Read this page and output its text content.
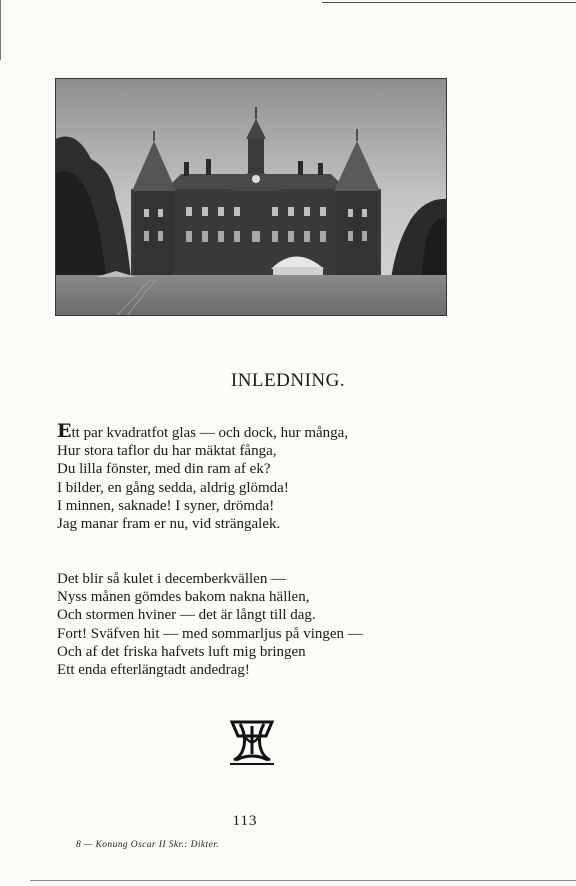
INLEDNING.
Ett par kvadratfot glas — och dock, hur många,
Hur stora taflor du har mäktat fånga,
Du lilla fönster, med din ram af ek?
I bilder, en gång sedda, aldrig glömda!
I minnen, saknade! I syner, drömda!
Jag manar fram er nu, vid strängalek.
Det blir så kulet i decemberkvällen —
Nyss månen gömdes bakom nakna hällen,
Och stormen hviner — det är långt till dag.
Fort! Sväfven hit — med sommarljus på vingen —
Och af det friska hafvets luft mig bringen
Ett enda efterlängtadt andedrag!
113
8 — Konung Oscar II Skr.: Dikter.
